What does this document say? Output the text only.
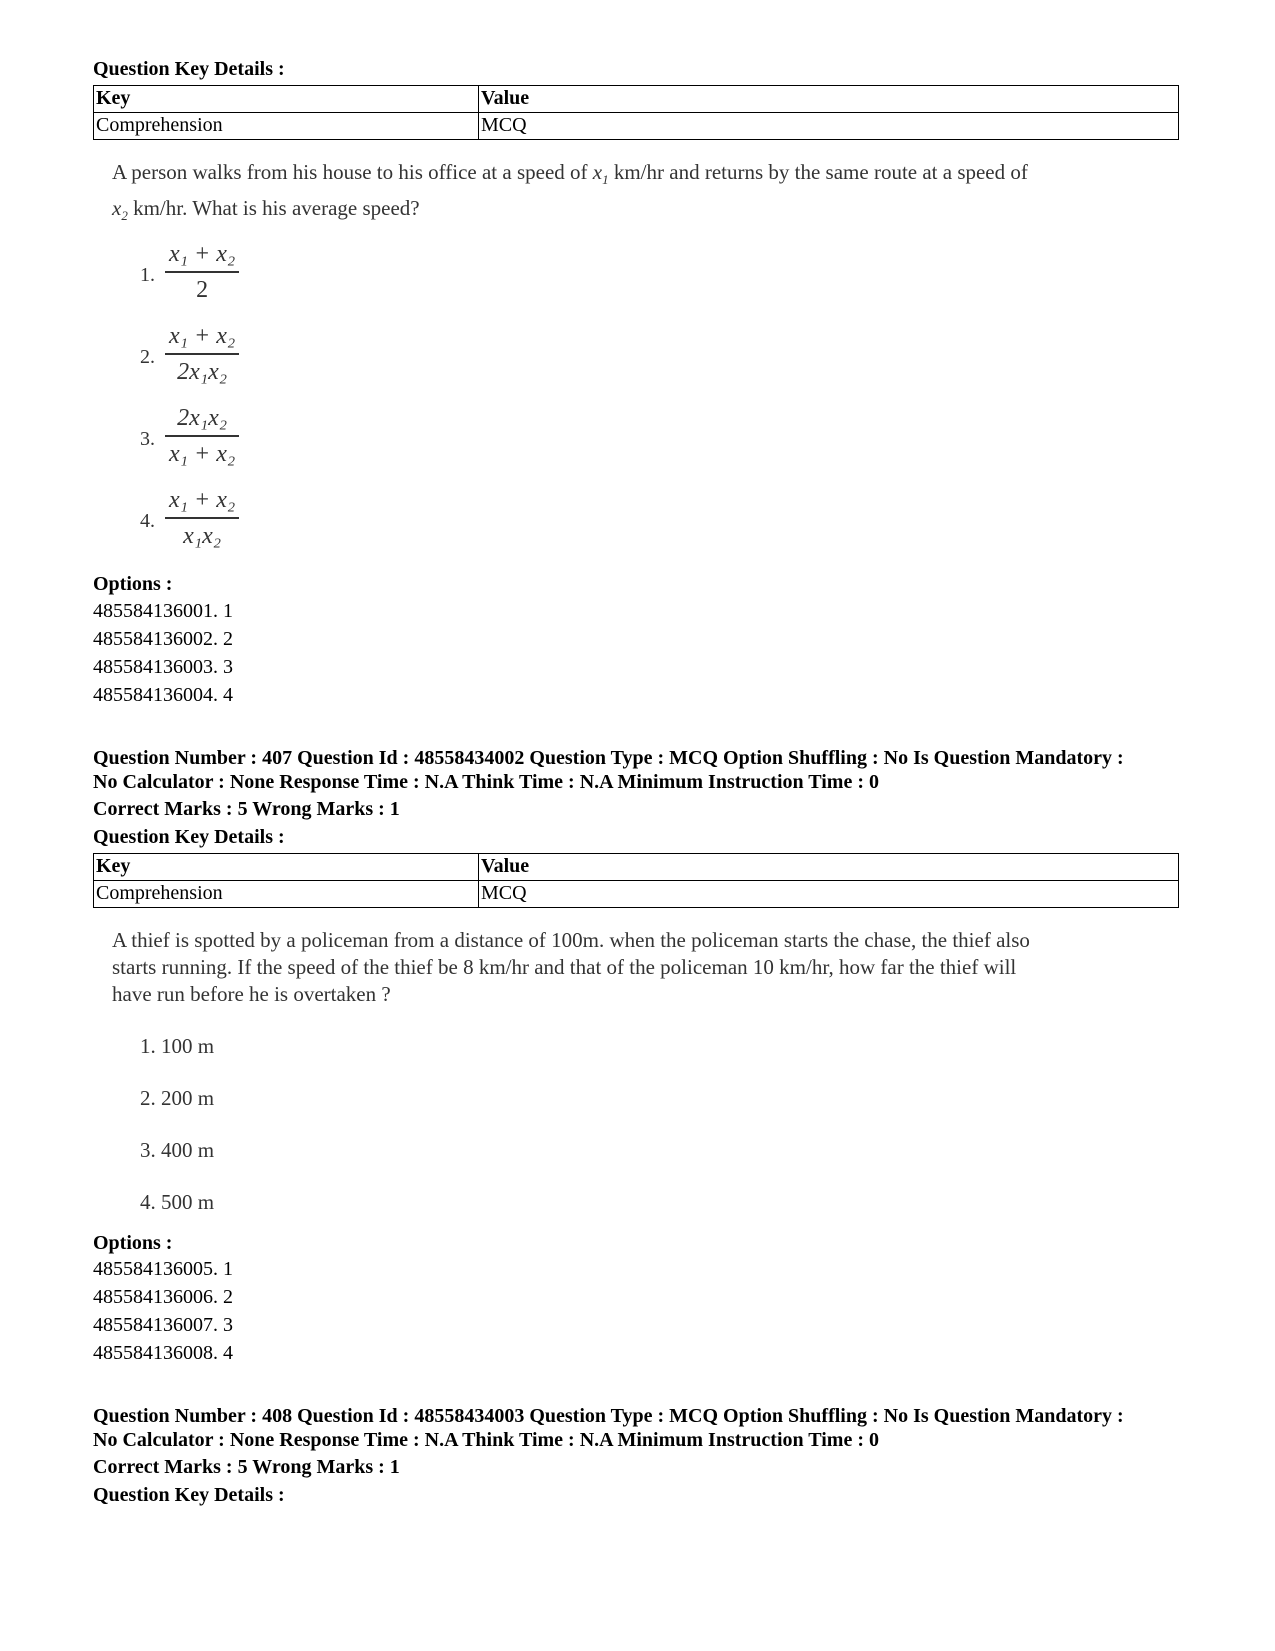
Question Key Details :
Key	Value
Comprehension	MCQ
A person walks from his house to his office at a speed of $x_1$ km/hr and returns by the same route at a speed of
$x_2$ km/hr. What is his average speed?
1.
x₁ + x₂
2
2.
x₁ + x₂
2x₁x₂
3.
2x₁x₂
x₁ + x₂
4.
x₁ + x₂
x₁x₂
Options :
485584136001. 1
485584136002. 2
485584136003. 3
485584136004. 4
Question Number : 407 Question Id : 48558434002 Question Type : MCQ Option Shuffling : No Is Question Mandatory :
No Calculator : None Response Time : N.A Think Time : N.A Minimum Instruction Time : 0
Correct Marks : 5 Wrong Marks : 1
Question Key Details :
Key	Value
Comprehension	MCQ
A thief is spotted by a policeman from a distance of 100m. when the policeman starts the chase, the thief also
starts running. If the speed of the thief be 8 km/hr and that of the policeman 10 km/hr, how far the thief will
have run before he is overtaken ?
1. 100 m
2. 200 m
3. 400 m
4. 500 m
Options :
485584136005. 1
485584136006. 2
485584136007. 3
485584136008. 4
Question Number : 408 Question Id : 48558434003 Question Type : MCQ Option Shuffling : No Is Question Mandatory :
No Calculator : None Response Time : N.A Think Time : N.A Minimum Instruction Time : 0
Correct Marks : 5 Wrong Marks : 1
Question Key Details :
